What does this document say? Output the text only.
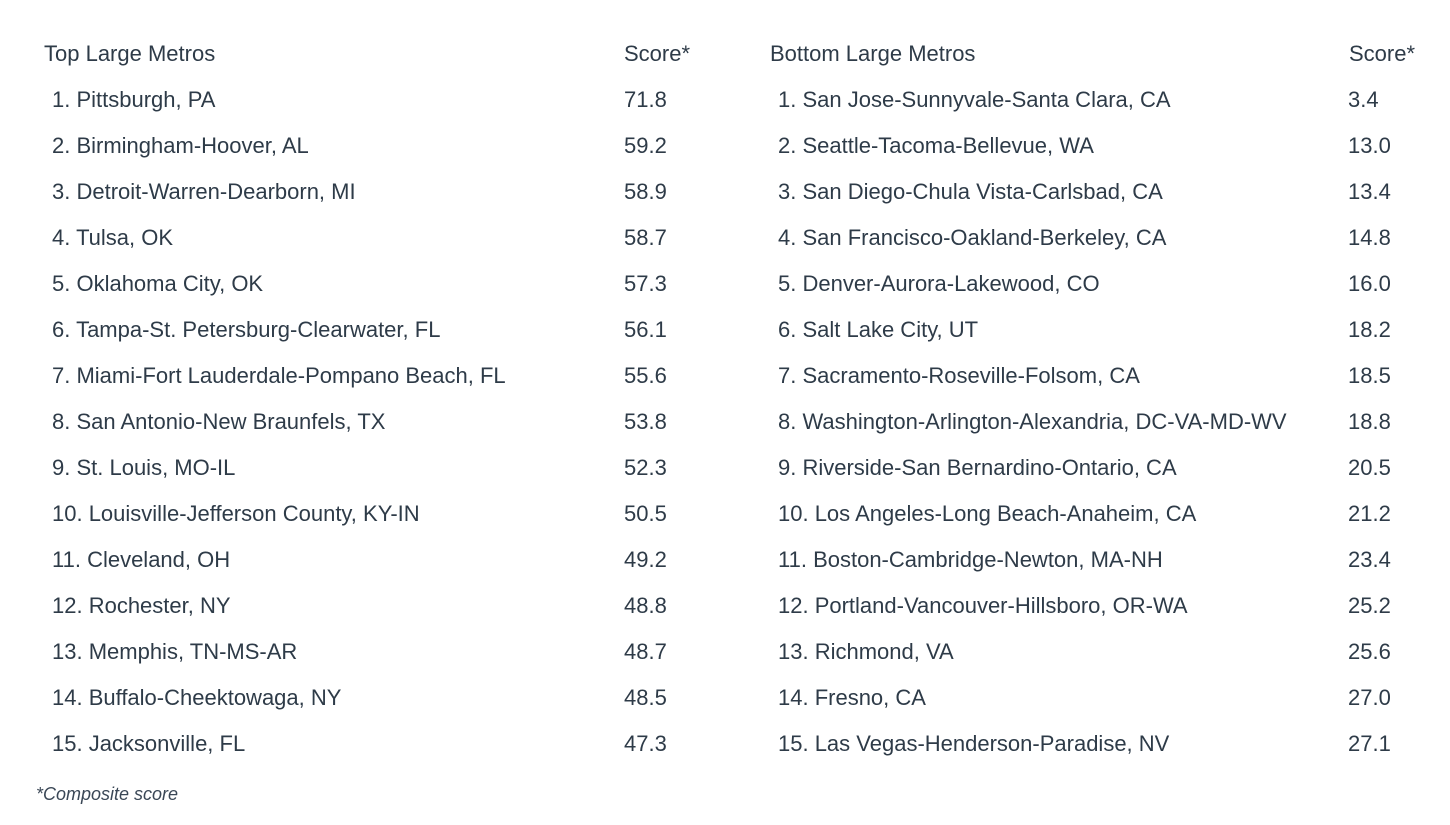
Top Large Metros	Score*
1. Pittsburgh, PA	71.8
2. Birmingham-Hoover, AL	59.2
3. Detroit-Warren-Dearborn, MI	58.9
4. Tulsa, OK	58.7
5. Oklahoma City, OK	57.3
6. Tampa-St. Petersburg-Clearwater, FL	56.1
7. Miami-Fort Lauderdale-Pompano Beach, FL	55.6
8. San Antonio-New Braunfels, TX	53.8
9. St. Louis, MO-IL	52.3
10. Louisville-Jefferson County, KY-IN	50.5
11. Cleveland, OH	49.2
12. Rochester, NY	48.8
13. Memphis, TN-MS-AR	48.7
14. Buffalo-Cheektowaga, NY	48.5
15. Jacksonville, FL	47.3
Bottom Large Metros	Score*
1. San Jose-Sunnyvale-Santa Clara, CA	3.4
2. Seattle-Tacoma-Bellevue, WA	13.0
3. San Diego-Chula Vista-Carlsbad, CA	13.4
4. San Francisco-Oakland-Berkeley, CA	14.8
5. Denver-Aurora-Lakewood, CO	16.0
6. Salt Lake City, UT	18.2
7. Sacramento-Roseville-Folsom, CA	18.5
8. Washington-Arlington-Alexandria, DC-VA-MD-WV	18.8
9. Riverside-San Bernardino-Ontario, CA	20.5
10. Los Angeles-Long Beach-Anaheim, CA	21.2
11. Boston-Cambridge-Newton, MA-NH	23.4
12. Portland-Vancouver-Hillsboro, OR-WA	25.2
13. Richmond, VA	25.6
14. Fresno, CA	27.0
15. Las Vegas-Henderson-Paradise, NV	27.1
*Composite score
